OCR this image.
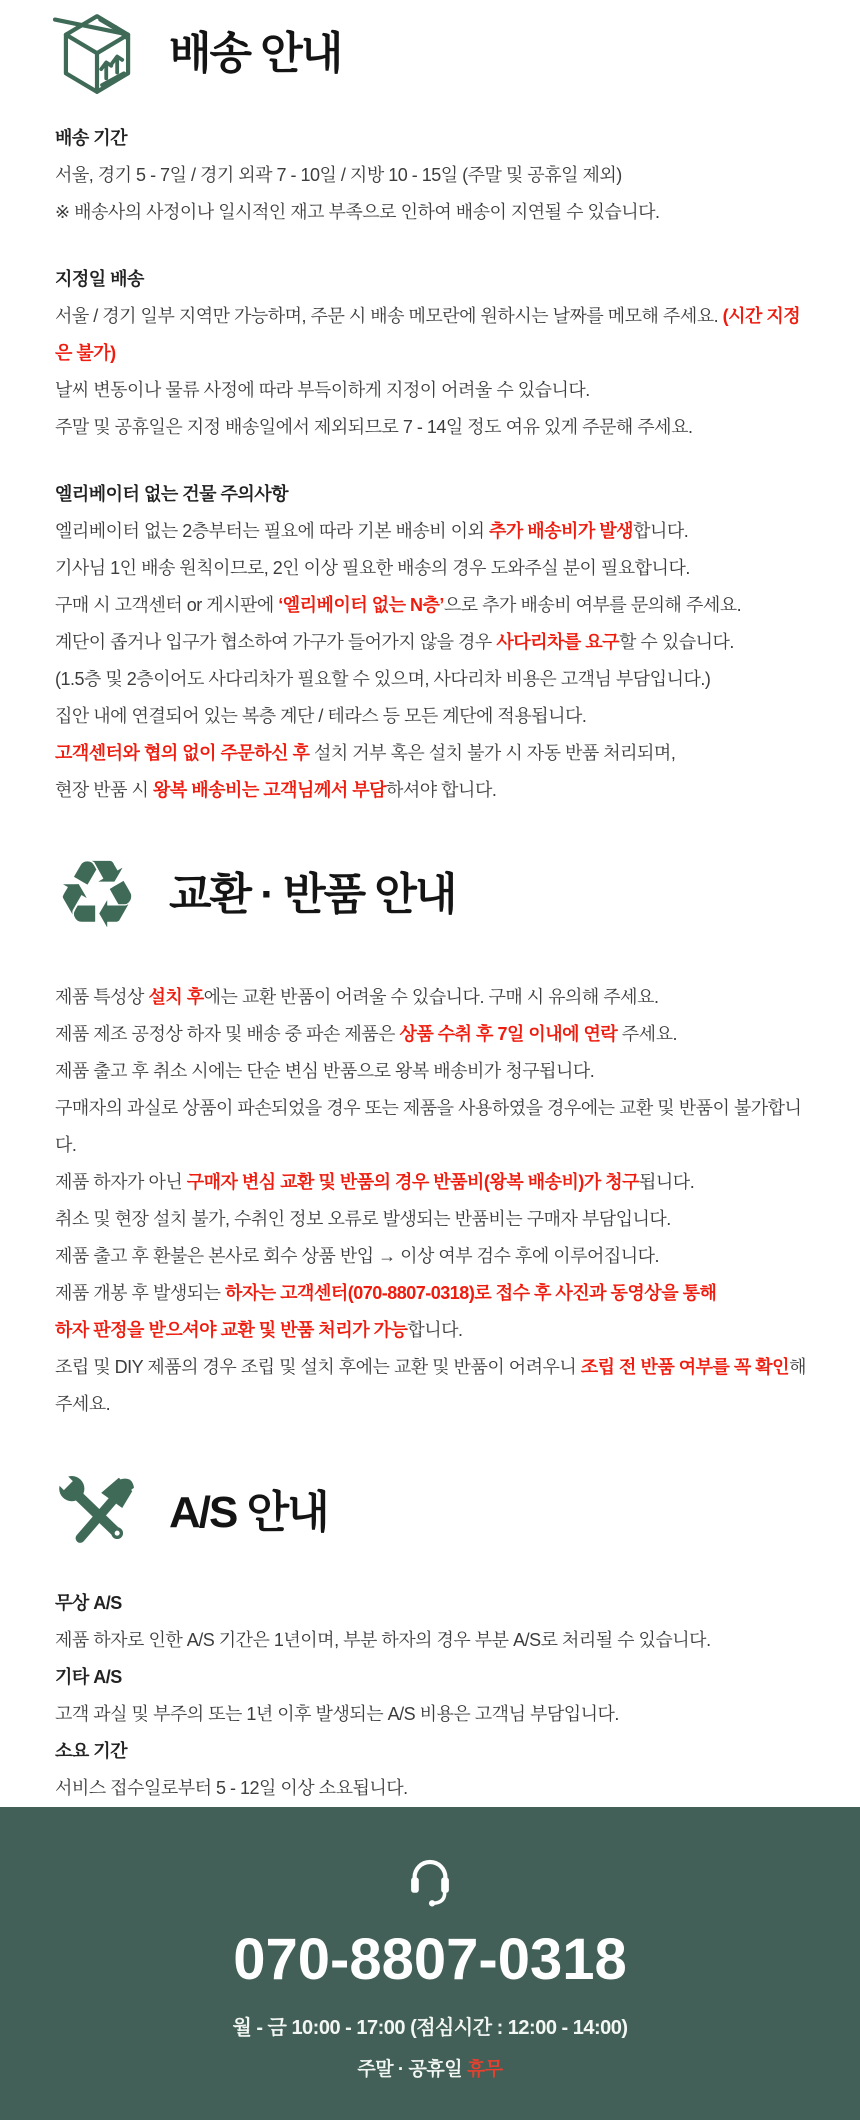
배송 안내
배송 기간

서울, 경기 5 - 7일 / 경기 외곽 7 - 10일 / 지방 10 - 15일 (주말 및 공휴일 제외)

※ 배송사의 사정이나 일시적인 재고 부족으로 인하여 배송이 지연될 수 있습니다.

지정일 배송

서울 / 경기 일부 지역만 가능하며, 주문 시 배송 메모란에 원하시는 날짜를 메모해 주세요. (시간 지정은 불가)

날씨 변동이나 물류 사정에 따라 부득이하게 지정이 어려울 수 있습니다.

주말 및 공휴일은 지정 배송일에서 제외되므로 7 - 14일 정도 여유 있게 주문해 주세요.

엘리베이터 없는 건물 주의사항

엘리베이터 없는 2층부터는 필요에 따라 기본 배송비 이외 추가 배송비가 발생합니다.

기사님 1인 배송 원칙이므로, 2인 이상 필요한 배송의 경우 도와주실 분이 필요합니다.

구매 시 고객센터 or 게시판에 ‘엘리베이터 없는 N층’으로 추가 배송비 여부를 문의해 주세요.

계단이 좁거나 입구가 협소하여 가구가 들어가지 않을 경우 사다리차를 요구할 수 있습니다.

(1.5층 및 2층이어도 사다리차가 필요할 수 있으며, 사다리차 비용은 고객님 부담입니다.)

집안 내에 연결되어 있는 복층 계단 / 테라스 등 모든 계단에 적용됩니다.

고객센터와 협의 없이 주문하신 후 설치 거부 혹은 설치 불가 시 자동 반품 처리되며,

현장 반품 시 왕복 배송비는 고객님께서 부담하셔야 합니다.

♻ 교환 · 반품 안내

제품 특성상 설치 후에는 교환 반품이 어려울 수 있습니다. 구매 시 유의해 주세요.

제품 제조 공정상 하자 및 배송 중 파손 제품은 상품 수취 후 7일 이내에 연락 주세요.

제품 출고 후 취소 시에는 단순 변심 반품으로 왕복 배송비가 청구됩니다.

구매자의 과실로 상품이 파손되었을 경우 또는 제품을 사용하였을 경우에는 교환 및 반품이 불가합니다.

제품 하자가 아닌 구매자 변심 교환 및 반품의 경우 반품비(왕복 배송비)가 청구됩니다.

취소 및 현장 설치 불가, 수취인 정보 오류로 발생되는 반품비는 구매자 부담입니다.

제품 출고 후 환불은 본사로 회수 상품 반입 → 이상 여부 검수 후에 이루어집니다.

제품 개봉 후 발생되는 하자는 고객센터(070-8807-0318)로 접수 후 사진과 동영상을 통해

하자 판정을 받으셔야 교환 및 반품 처리가 가능합니다.

조립 및 DIY 제품의 경우 조립 및 설치 후에는 교환 및 반품이 어려우니 조립 전 반품 여부를 꼭 확인해 주세요.

A/S 안내
무상 A/S

제품 하자로 인한 A/S 기간은 1년이며, 부분 하자의 경우 부분 A/S로 처리될 수 있습니다.

기타 A/S

고객 과실 및 부주의 또는 1년 이후 발생되는 A/S 비용은 고객님 부담입니다.

소요 기간

서비스 접수일로부터 5 - 12일 이상 소요됩니다.

070-8807-0318
월 - 금 10:00 - 17:00 (점심시간 : 12:00 - 14:00)
주말 · 공휴일 휴무
